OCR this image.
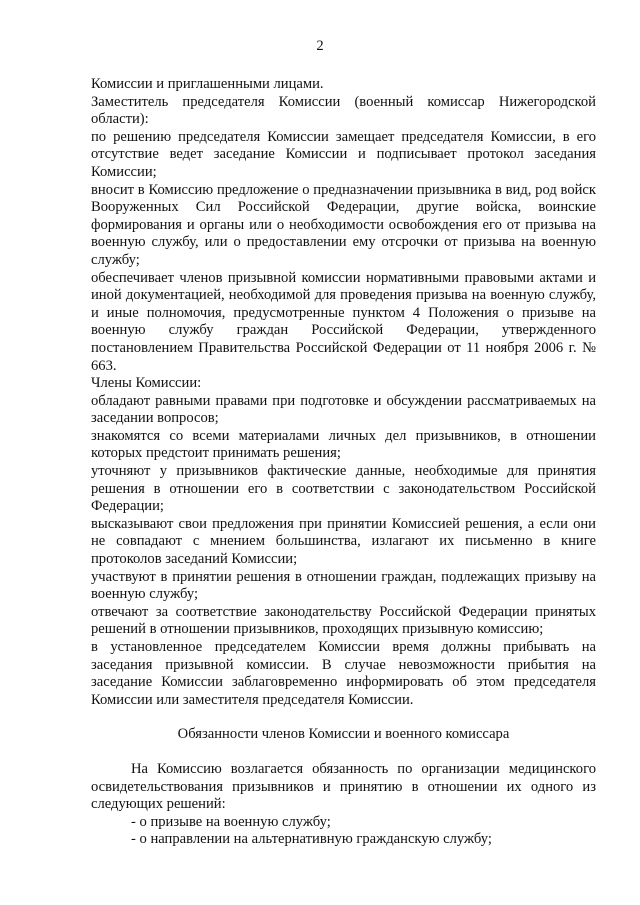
2

Комиссии и приглашенными лицами.

Заместитель председателя Комиссии (военный комиссар Нижегородской области):

по решению председателя Комиссии замещает председателя Комиссии, в его отсутствие ведет заседание Комиссии и подписывает протокол заседания Комиссии;

вносит в Комиссию предложение о предназначении призывника в вид, род войск Вооруженных Сил Российской Федерации, другие войска, воинские формирования и органы или о необходимости освобождения его от призыва на военную службу, или о предоставлении ему отсрочки от призыва на военную службу;

обеспечивает членов призывной комиссии нормативными правовыми актами и иной документацией, необходимой для проведения призыва на военную службу, и иные полномочия, предусмотренные пунктом 4 Положения о призыве на военную службу граждан Российской Федерации, утвержденного постановлением Правительства Российской Федерации от 11 ноября 2006 г. № 663.

Члены Комиссии:

обладают равными правами при подготовке и обсуждении рассматриваемых на заседании вопросов;

знакомятся со всеми материалами личных дел призывников, в отношении которых предстоит принимать решения;

уточняют у призывников фактические данные, необходимые для принятия решения в отношении его в соответствии с законодательством Российской Федерации;

высказывают свои предложения при принятии Комиссией решения, а если они не совпадают с мнением большинства, излагают их письменно в книге протоколов заседаний Комиссии;

участвуют в принятии решения в отношении граждан, подлежащих призыву на военную службу;

отвечают за соответствие законодательству Российской Федерации принятых решений в отношении призывников, проходящих призывную комиссию;

в установленное председателем Комиссии время должны прибывать на заседания призывной комиссии. В случае невозможности прибытия на заседание Комиссии заблаговременно информировать об этом председателя Комиссии или заместителя председателя Комиссии.

Обязанности членов Комиссии и военного комиссара

На Комиссию возлагается обязанность по организации медицинского освидетельствования призывников и принятию в отношении их одного из следующих решений:

- о призыве на военную службу;

- о направлении на альтернативную гражданскую службу;
